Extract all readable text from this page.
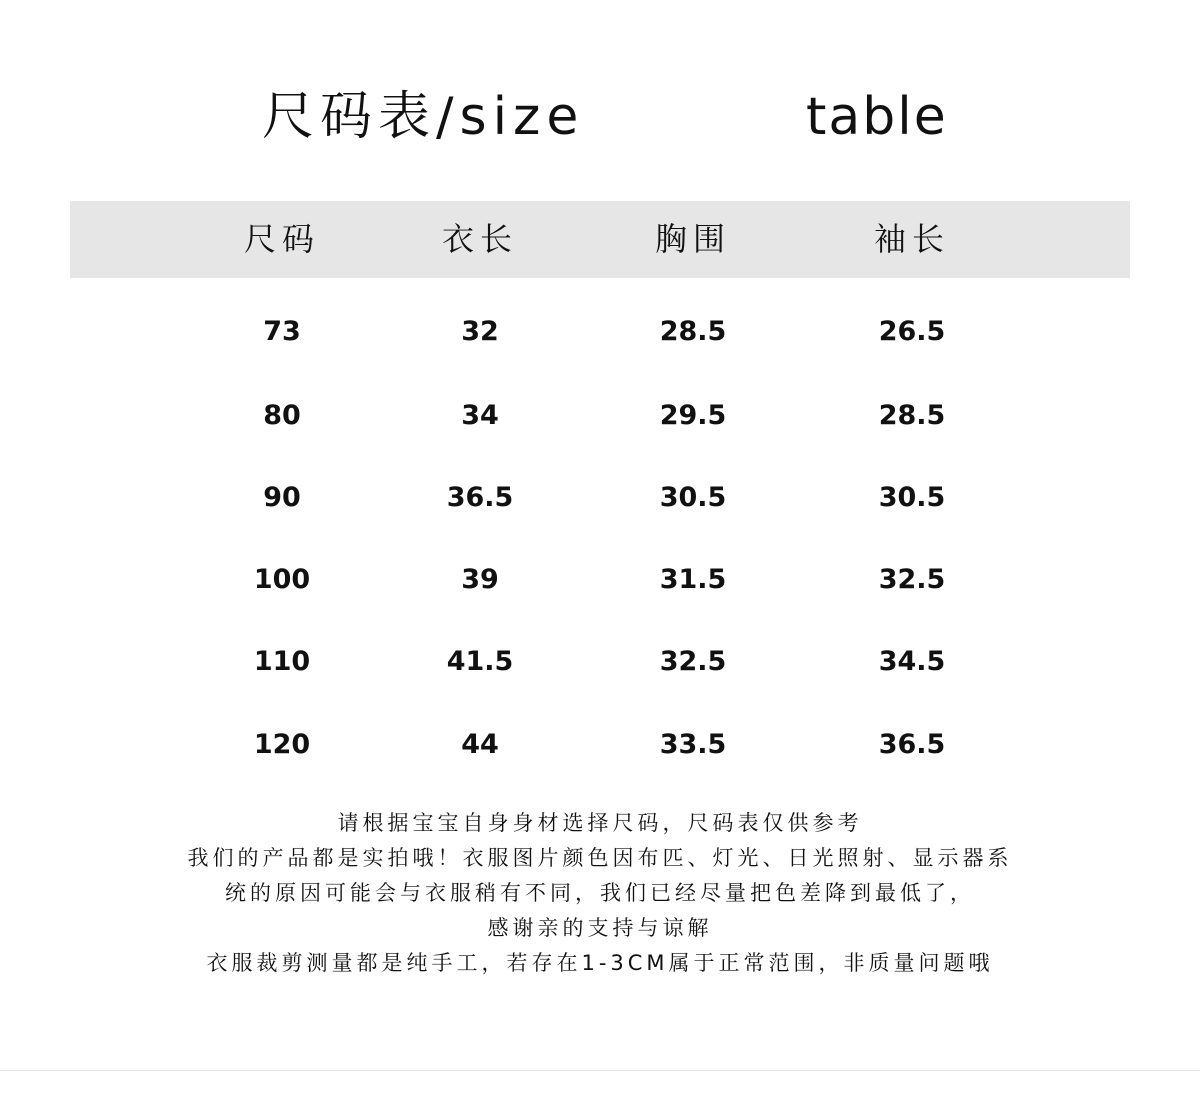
尺码表/size	table
尺码	衣长	胸围	袖长
73	32	28.5	26.5
80	34	29.5	28.5
90	36.5	30.5	30.5
100	39	31.5	32.5
110	41.5	32.5	34.5
120	44	33.5	36.5
请根据宝宝自身身材选择尺码，尺码表仅供参考
我们的产品都是实拍哦！衣服图片颜色因布匹、灯光、日光照射、显示器系
统的原因可能会与衣服稍有不同，我们已经尽量把色差降到最低了，
感谢亲的支持与谅解
衣服裁剪测量都是纯手工，若存在1-3CM属于正常范围，非质量问题哦
